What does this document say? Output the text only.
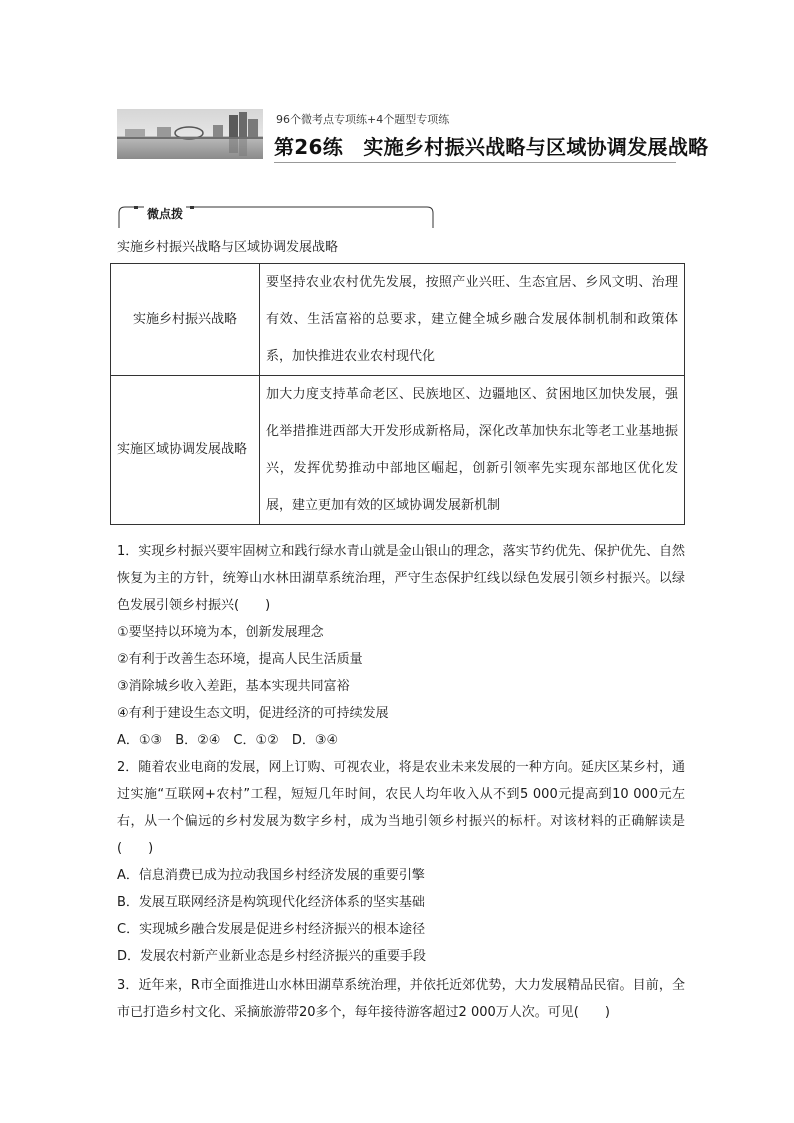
96个微考点专项练+4个题型专项练
第26练　实施乡村振兴战略与区域协调发展战略
微点拨
实施乡村振兴战略与区域协调发展战略
实施乡村振兴战略	要坚持农业农村优先发展，按照产业兴旺、生态宜居、乡风文明、治理有效、生活富裕的总要求，建立健全城乡融合发展体制机制和政策体系，加快推进农业农村现代化
实施区域协调发展战略	加大力度支持革命老区、民族地区、边疆地区、贫困地区加快发展，强化举措推进西部大开发形成新格局，深化改革加快东北等老工业基地振兴，发挥优势推动中部地区崛起，创新引领率先实现东部地区优化发展，建立更加有效的区域协调发展新机制

1．实现乡村振兴要牢固树立和践行绿水青山就是金山银山的理念，落实节约优先、保护优先、自然恢复为主的方针，统筹山水林田湖草系统治理，严守生态保护红线以绿色发展引领乡村振兴。以绿色发展引领乡村振兴(　　)

①要坚持以环境为本，创新发展理念

②有利于改善生态环境，提高人民生活质量

③消除城乡收入差距，基本实现共同富裕

④有利于建设生态文明，促进经济的可持续发展

A．①③　B．②④　C．①②　D．③④

2．随着农业电商的发展，网上订购、可视农业，将是农业未来发展的一种方向。延庆区某乡村，通过实施“互联网+农村”工程，短短几年时间，农民人均年收入从不到5 000元提高到10 000元左右，从一个偏远的乡村发展为数字乡村，成为当地引领乡村振兴的标杆。对该材料的正确解读是(　　)

A．信息消费已成为拉动我国乡村经济发展的重要引擎

B．发展互联网经济是构筑现代化经济体系的坚实基础

C．实现城乡融合发展是促进乡村经济振兴的根本途径

D．发展农村新产业新业态是乡村经济振兴的重要手段

3．近年来，R市全面推进山水林田湖草系统治理，并依托近郊优势，大力发展精品民宿。目前，全市已打造乡村文化、采摘旅游带20多个，每年接待游客超过2 000万人次。可见(　　)
